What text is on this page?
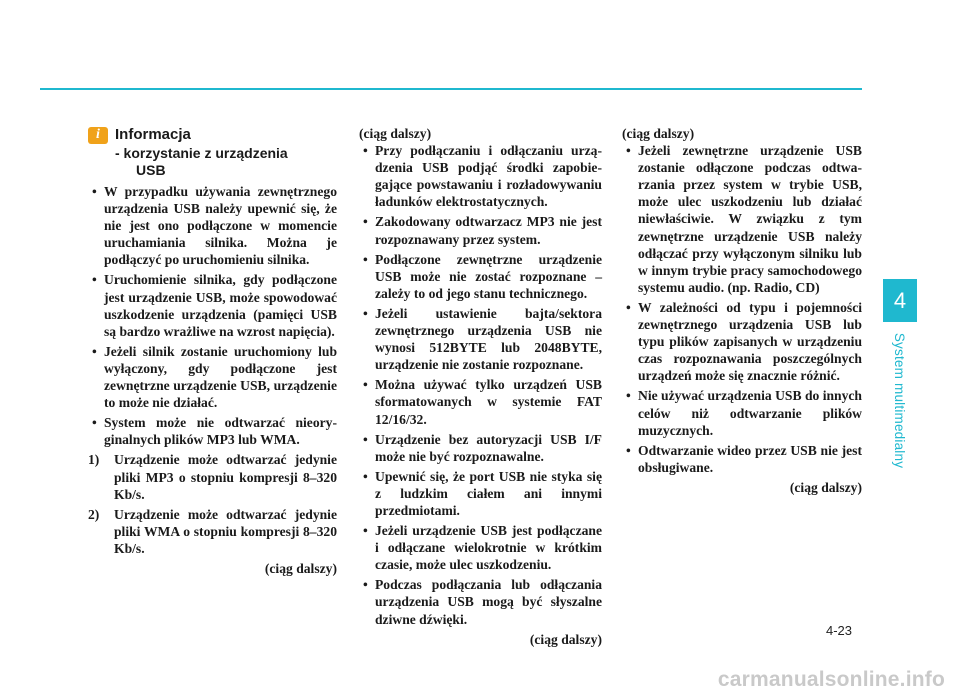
4
System multimedialny
i	Informacja
- korzystanie z urządzenia
USB
• W przypadku używania zewnętrznego urządzenia USB należy upewnić się, że nie jest ono podłączone w momencie uruchamiania silnika. Można je podłączyć po uruchomieniu silnika.
• Uruchomienie silnika, gdy podłączone jest urządzenie USB, może spowodować uszkodzenie urządzenia (pamięci USB są bardzo wrażliwe na wzrost napięcia).
• Jeżeli silnik zostanie uruchomiony lub wyłączony, gdy podłączone jest zewnętrzne urządzenie USB, urządzenie to może nie działać.
• System może nie odtwarzać nieoryginalnych plików MP3 lub WMA.
1) Urządzenie może odtwarzać jedynie pliki MP3 o stopniu kompresji 8–320 Kb/s.
2) Urządzenie może odtwarzać jedynie pliki WMA o stopniu kompresji 8–320 Kb/s.

(ciąg dalszy)

(ciąg dalszy)

• Przy podłączaniu i odłączaniu urządzenia USB podjąć środki zapobiegające powstawaniu i rozładowywaniu ładunków elektrostatycznych.
• Zakodowany odtwarzacz MP3 nie jest rozpoznawany przez system.
• Podłączone zewnętrzne urządzenie USB może nie zostać rozpoznane – zależy to od jego stanu technicznego.
• Jeżeli ustawienie bajta/sektora zewnętrznego urządzenia USB nie wynosi 512BYTE lub 2048BYTE, urządzenie nie zostanie rozpoznane.
• Można używać tylko urządzeń USB sformatowanych w systemie FAT 12/16/32.
• Urządzenie bez autoryzacji USB I/F może nie być rozpoznawalne.
• Upewnić się, że port USB nie styka się z ludzkim ciałem ani innymi przedmiotami.
• Jeżeli urządzenie USB jest podłączane i odłączane wielokrotnie w krótkim czasie, może ulec uszkodzeniu.
• Podczas podłączania lub odłączania urządzenia USB mogą być słyszalne dziwne dźwięki.

(ciąg dalszy)

(ciąg dalszy)

• Jeżeli zewnętrzne urządzenie USB zostanie odłączone podczas odtwarzania przez system w trybie USB, może ulec uszkodzeniu lub działać niewłaściwie. W związku z tym zewnętrzne urządzenie USB należy odłączać przy wyłączonym silniku lub w innym trybie pracy samochodowego systemu audio. (np. Radio, CD)
• W zależności od typu i pojemności zewnętrznego urządzenia USB lub typu plików zapisanych w urządzeniu czas rozpoznawania poszczególnych urządzeń może się znacznie różnić.
• Nie używać urządzenia USB do innych celów niż odtwarzanie plików muzycznych.
• Odtwarzanie wideo przez USB nie jest obsługiwane.

(ciąg dalszy)

4-23
carmanualsonline.info
